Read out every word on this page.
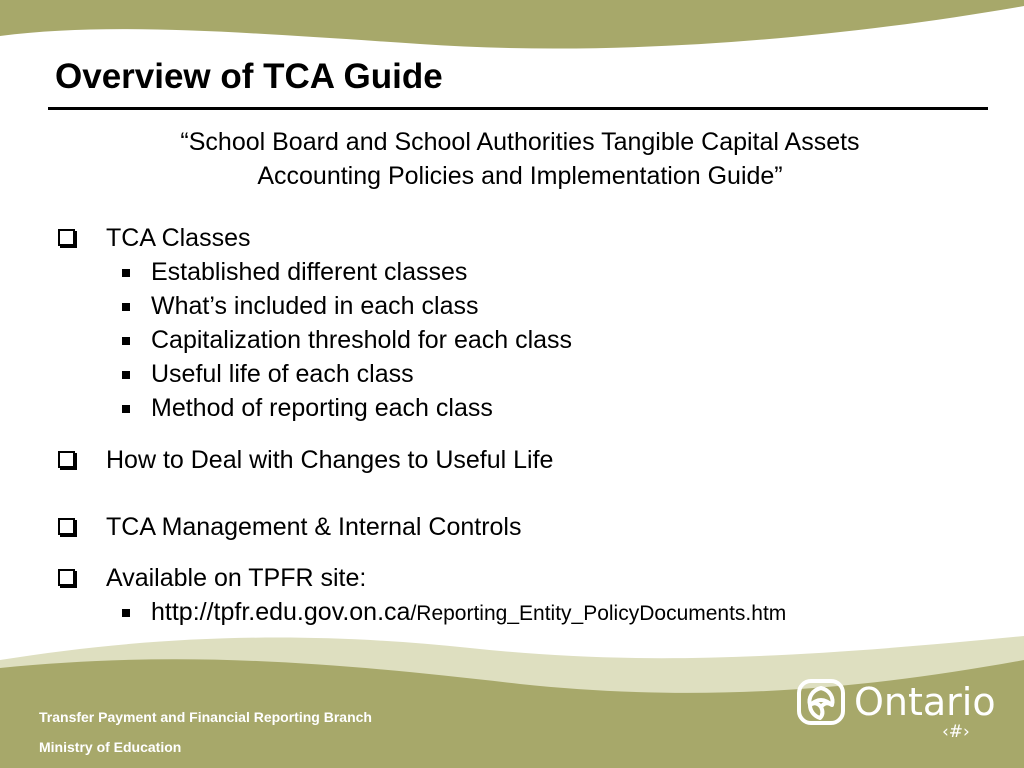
Overview of TCA Guide
“School Board and School Authorities Tangible Capital Assets
Accounting Policies and Implementation Guide”
TCA Classes
Established different classes
What’s included in each class
Capitalization threshold for each class
Useful life of each class
Method of reporting each class
How to Deal with Changes to Useful Life
TCA Management & Internal Controls
Available on TPFR site:
http://tpfr.edu.gov.on.ca/Reporting_Entity_PolicyDocuments.htm
Transfer Payment and Financial Reporting Branch
Ministry of Education
Ontario
‹#›
